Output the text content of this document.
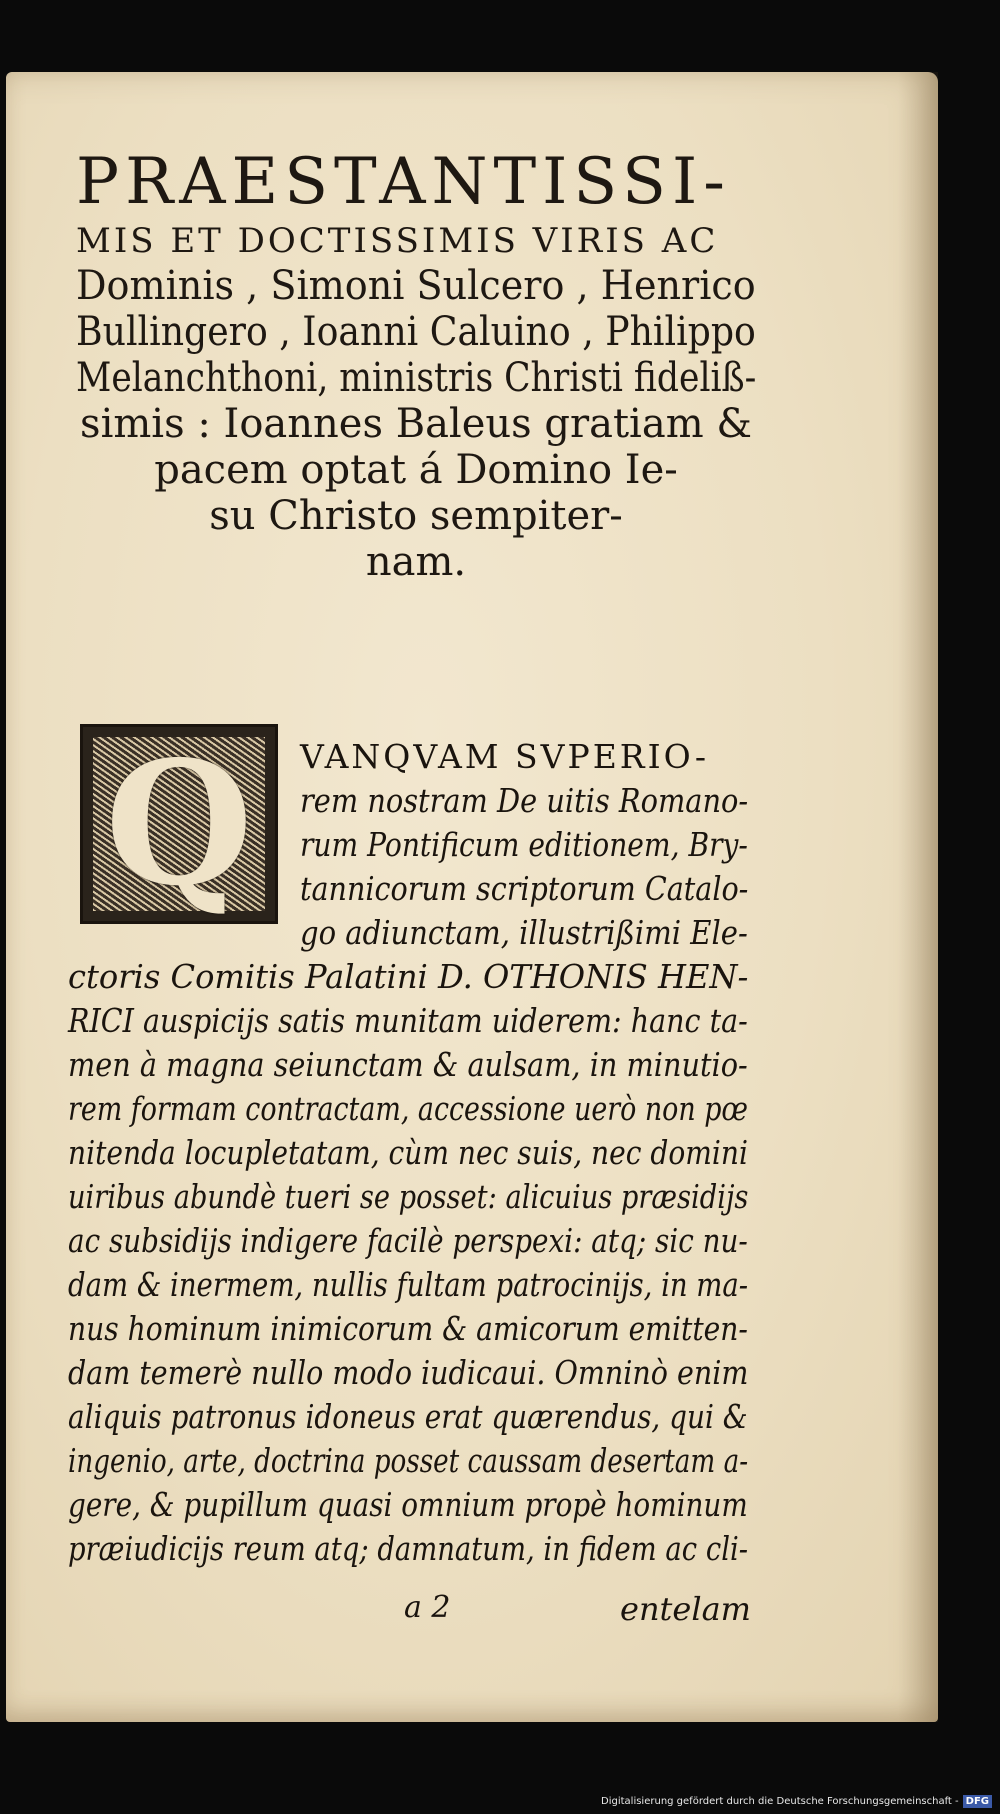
PRAESTANTISSI-
MIS ET DOCTISSIMIS VIRIS AC
Dominis , Simoni Sulcero , Henrico
Bullingero , Ioanni Caluino , Philippo
Melanchthoni, ministris Christi fideliß-
simis : Ioannes Baleus gratiam &
pacem optat á Domino Ie-
su Christo sempiter-
nam.
Q	VANQVAM SVPERIO-
rem nostram De uitis Romano-
rum Pontificum editionem, Bry-
tannicorum scriptorum Catalo-
go adiunctam, illustrißimi Ele-
ctoris Comitis Palatini D. OTHONIS HEN-
RICI auspicijs satis munitam uiderem: hanc ta-
men à magna seiunctam & aulsam, in minutio-
rem formam contractam, accessione uerò non pœ
nitenda locupletatam, cùm nec suis, nec domini
uiribus abundè tueri se posset: alicuius præsidijs
ac subsidijs indigere facilè perspexi: atq; sic nu-
dam & inermem, nullis fultam patrocinijs, in ma-
nus hominum inimicorum & amicorum emitten-
dam temerè nullo modo iudicaui. Omninò enim
aliquis patronus idoneus erat quærendus, qui &
ingenio, arte, doctrina posset caussam desertam a-
gere, & pupillum quasi omnium propè hominum
præiudicijs reum atq; damnatum, in fidem ac cli-
a 2	entelam
Digitalisierung gefördert durch die Deutsche Forschungsgemeinschaft - DFG
